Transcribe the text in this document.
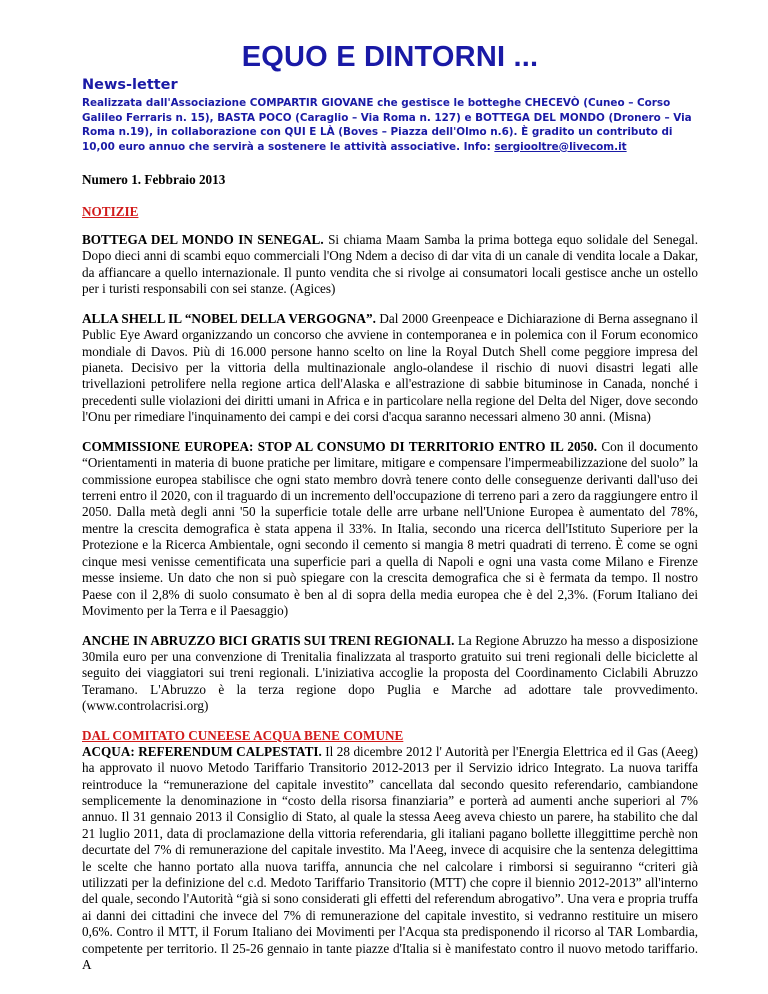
EQUO E DINTORNI ...
News-letter
Realizzata dall'Associazione COMPARTIR GIOVANE che gestisce le botteghe CHECEVÒ (Cuneo – Corso Galileo Ferraris n. 15), BASTA POCO (Caraglio – Via Roma n. 127) e BOTTEGA DEL MONDO (Dronero – Via Roma n.19), in collaborazione con QUI E LÀ (Boves – Piazza dell'Olmo n.6). È gradito un contributo di 10,00 euro annuo che servirà a sostenere le attività associative. Info: sergiooltre@livecom.it
Numero 1. Febbraio 2013
NOTIZIE

BOTTEGA DEL MONDO IN SENEGAL. Si chiama Maam Samba la prima bottega equo solidale del Senegal. Dopo dieci anni di scambi equo commerciali l'Ong Ndem a deciso di dar vita di un canale di vendita locale a Dakar, da affiancare a quello internazionale. Il punto vendita che si rivolge ai consumatori locali gestisce anche un ostello per i turisti responsabili con sei stanze. (Agices)

ALLA SHELL IL “NOBEL DELLA VERGOGNA”. Dal 2000 Greenpeace e Dichiarazione di Berna assegnano il Public Eye Award organizzando un concorso che avviene in contemporanea e in polemica con il Forum economico mondiale di Davos. Più di 16.000 persone hanno scelto on line la Royal Dutch Shell come peggiore impresa del pianeta. Decisivo per la vittoria della multinazionale anglo-olandese il rischio di nuovi disastri legati alle trivellazioni petrolifere nella regione artica dell'Alaska e all'estrazione di sabbie bituminose in Canada, nonché i precedenti sulle violazioni dei diritti umani in Africa e in particolare nella regione del Delta del Niger, dove secondo l'Onu per rimediare l'inquinamento dei campi e dei corsi d'acqua saranno necessari almeno 30 anni. (Misna)

COMMISSIONE EUROPEA: STOP AL CONSUMO DI TERRITORIO ENTRO IL 2050. Con il documento “Orientamenti in materia di buone pratiche per limitare, mitigare e compensare l'impermeabilizzazione del suolo” la commissione europea stabilisce che ogni stato membro dovrà tenere conto delle conseguenze derivanti dall'uso dei terreni entro il 2020, con il traguardo di un incremento dell'occupazione di terreno pari a zero da raggiungere entro il 2050. Dalla metà degli anni '50 la superficie totale delle arre urbane nell'Unione Europea è aumentato del 78%, mentre la crescita demografica è stata appena il 33%. In Italia, secondo una ricerca dell'Istituto Superiore per la Protezione e la Ricerca Ambientale, ogni secondo il cemento si mangia 8 metri quadrati di terreno. È come se ogni cinque mesi venisse cementificata una superficie pari a quella di Napoli e ogni una vasta come Milano e Firenze messe insieme. Un dato che non si può spiegare con la crescita demografica che si è fermata da tempo. Il nostro Paese con il 2,8% di suolo consumato è ben al di sopra della media europea che è del 2,3%. (Forum Italiano dei Movimento per la Terra e il Paesaggio)

ANCHE IN ABRUZZO BICI GRATIS SUI TRENI REGIONALI. La Regione Abruzzo ha messo a disposizione 30mila euro per una convenzione di Trenitalia finalizzata al trasporto gratuito sui treni regionali delle biciclette al seguito dei viaggiatori sui treni regionali. L'iniziativa accoglie la proposta del Coordinamento Ciclabili Abruzzo Teramano. L'Abruzzo è la terza regione dopo Puglia e Marche ad adottare tale provvedimento. (www.controlacrisi.org)

DAL COMITATO CUNEESE ACQUA BENE COMUNE

ACQUA: REFERENDUM CALPESTATI. Il 28 dicembre 2012 l' Autorità per l'Energia Elettrica ed il Gas (Aeeg) ha approvato il nuovo Metodo Tariffario Transitorio 2012-2013 per il Servizio idrico Integrato. La nuova tariffa reintroduce la “remunerazione del capitale investito” cancellata dal secondo quesito referendario, cambiandone semplicemente la denominazione in “costo della risorsa finanziaria” e porterà ad aumenti anche superiori al 7% annuo. Il 31 gennaio 2013 il Consiglio di Stato, al quale la stessa Aeeg aveva chiesto un parere, ha stabilito che dal 21 luglio 2011, data di proclamazione della vittoria referendaria, gli italiani pagano bollette illeggittime perchè non decurtate del 7% di remunerazione del capitale investito. Ma l'Aeeg, invece di acquisire che la sentenza delegittima le scelte che hanno portato alla nuova tariffa, annuncia che nel calcolare i rimborsi si seguiranno “criteri già utilizzati per la definizione del c.d. Medoto Tariffario Transitorio (MTT) che copre il biennio 2012-2013” all'interno del quale, secondo l'Autorità “già si sono considerati gli effetti del referendum abrogativo”. Una vera e propria truffa ai danni dei cittadini che invece del 7% di remunerazione del capitale investito, si vedranno restituire un misero 0,6%. Contro il MTT, il Forum Italiano dei Movimenti per l'Acqua sta predisponendo il ricorso al TAR Lombardia, competente per territorio. Il 25-26 gennaio in tante piazze d'Italia si è manifestato contro il nuovo metodo tariffario. A
